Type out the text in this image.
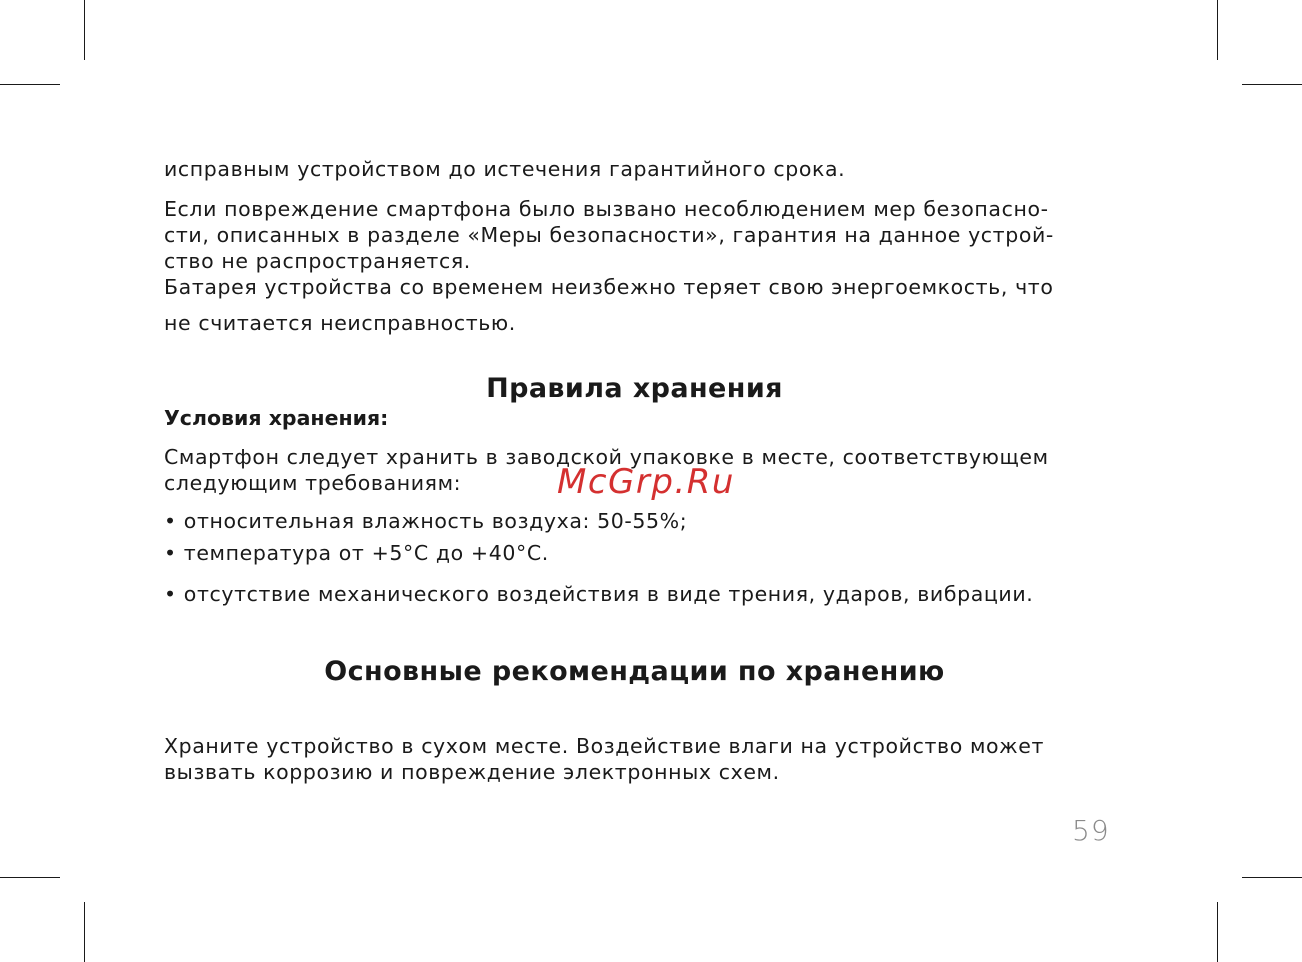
исправным устройством до истечения гарантийного срока.

Если повреждение смартфона было вызвано несоблюдением мер безопасно-
сти, описанных в разделе «Меры безопасности», гарантия на данное устрой-
ство не распространяется.

Батарея устройства со временем неизбежно теряет свою энергоемкость, что

не считается неисправностью.

Правила хранения

Условия хранения:

Смартфон следует хранить в заводской упаковке в месте, соответствующем

следующим требованиям:

• относительная влажность воздуха: 50-55%;

• температура от +5°С до +40°С.

• отсутствие механического воздействия в виде трения, ударов, вибрации.

Основные рекомендации по хранению

Храните устройство в сухом месте. Воздействие влаги на устройство может

вызвать коррозию и повреждение электронных схем.

McGrp.Ru
59
